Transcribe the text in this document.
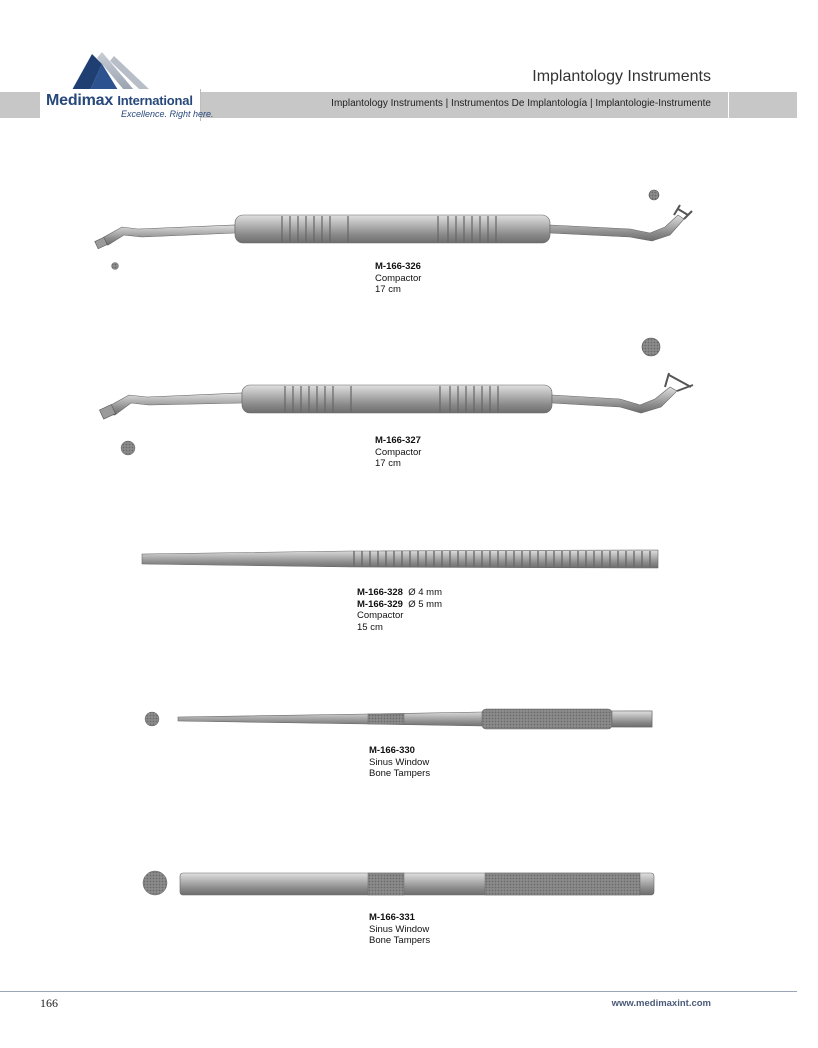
Medimax International
Excellence. Right here.
Implantology Instruments
Implantology Instruments | Instrumentos De Implantología | Implantologie-Instrumente
M-166-326
Compactor
17 cm
M-166-327
Compactor
17 cm
M-166-328 Ø 4 mm
M-166-329 Ø 5 mm
Compactor
15 cm
M-166-330
Sinus Window
Bone Tampers
M-166-331
Sinus Window
Bone Tampers
166	www.medimaxint.com
